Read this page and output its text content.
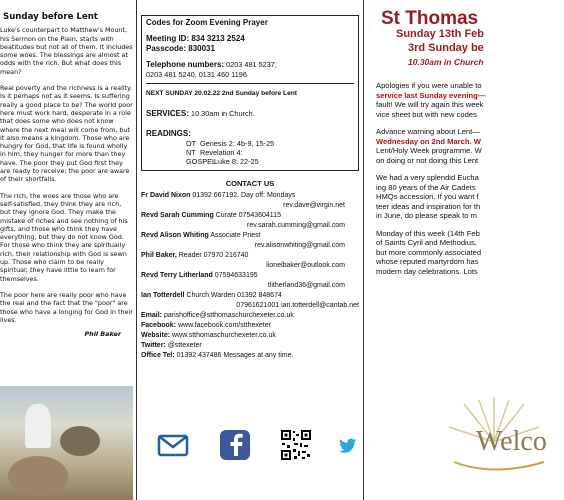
Sunday before Lent

Luke's counterpart to Matthew's Mount, his Sermon on the Plain, starts with beatitudes but not all of them. It includes some woes. The blessings are almost at odds with the rich. But what does this mean?

Real poverty and the richness is a reality. Is it perhaps not as it seems. Is suffering really a good place to be? The world poor here must work hard, desperate in a role that does some who does not know where the next meal will come from, but it also means a kingdom. Those who are hungry for God, that life is found wholly in him, they hunger for more than they have. The poor they put God first they are ready to receive: the poor are aware of their shortfalls.

The rich, the woes are those who are self-satisfied, they think they are rich, but they ignore God. They make the mistake of riches and see nothing of his gifts, and those who think they have everything, but they do not know God. For those who think they are spiritually rich, their relationship with God is sewn up. Those who claim to be really spiritual; they have little to learn for themselves.

The poor here are really poor who have the real and the fact that the "poor" are those who have a longing for God in their lives.

Phil Baker
Codes for Zoom Evening Prayer
Meeting ID: 834 3213 2524
Passcode: 830031
Telephone numbers: 0203 481 5237,
0203 481 5240, 0131 460 1196
NEXT SUNDAY 20.02.22 2nd Sunday before Lent
SERVICES: 10.30am in Church.
READINGS:
OT Genesis 2: 4b-9, 15-25
NT Revelation 4:
GOSPEL
Luke 8: 22-25
CONTACT US
Fr David Nixon 01392 667192. Day off: Mondays
rev.dave@virgin.net
Revd Sarah Cumming Curate 07543604115
rev.sarah.cumming@gmail.com
Revd Alison Whiting Associate Priest
rev.alisonwhiting@gmail.com
Phil Baker, Reader 07970 216740
lionelbaker@outlook.com
Revd Terry Litherland 07594633195
tlitherland36@gmail.com
Ian Totterdell Church Warden 01392 848674
07961621001 ian.totterdell@cantab.net
Email: parishoffice@stthomaschurchexeter.co.uk
Facebook: www.facebook.com/stthexeter
Website: www.stthomaschurchexeter.co.uk
Twitter: @sttexeter
Office Tel: 01392 437486 Messages at any time.
St Thomas
Sunday 13th Feb
3rd Sunday be
10.30am in Church

Apologies if you were unable to
service last Sunday evening—
fault! We will try again this week
vice sheet but with new codes

Advance warning about Lent—
Wednesday on 2nd March. W
Lent/Holy Week programme. W
on doing or not doing this Lent

We had a very splendid Eucha
ing 80 years of the Air Cadets
HMQs accession. If you want f
teer ideas and inspiration for th
in June, do please speak to m

Monday of this week (14th Feb
of Saints Cyril and Methodius,
but more commonly associated
whose reputed martyrdom has
modern day celebrations. Lots

Welco
